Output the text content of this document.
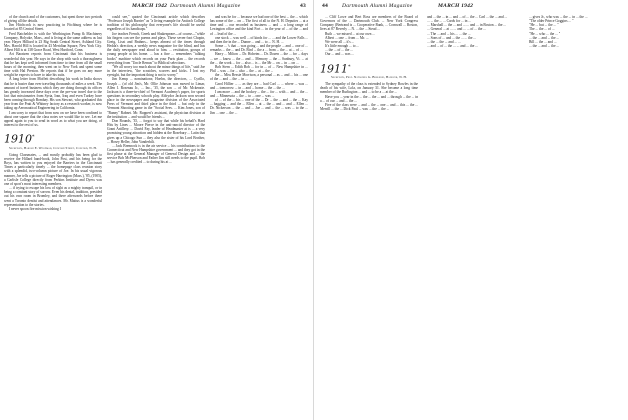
MARCH 1942 Dartmouth Alumni Magazine	43

of the church and of the customers, but spent these two periods of giving all the details.

Jim Hitchcock is now practicing in Fitchburg where he is located at 85 Central Street.

Fred Batchelder is with the Worthington Pump & Machinery Company, Holyoke, Mass., and is living at the same address as last year. Hayes Hilliard is 23 Big South Central Street, Ashland City. Mrs. Harold Hill is located in 43 Meridian Square, New York City. Albert Hill is at 138 Grace Road, West Hartford, Conn.

Art Baratzen reports from Cincinnati that his business is wonderful this year. He says in the shop with such a thoroughness that he has kept well informed from time to time from all the small hours of the morning, then went on to New York and spent some time with Hal Preston. He reports that if he goes on any more weight he expects to have to take his suits.

A long letter from Moffett describing his work in India shows that he is busier than ever traveling thousands of miles a week. The amount of travel business which they are doing through its offices has greatly increased these days over the pre-war travel due to the fact that missionaries from Syria, Iran, Iraq and even Turkey have been coming through Bombay. His son Stewart, who graduated this year from the Pratt & Whitney factory as a research worker, is now taking up Aeronautical Engineering in California.

I am sorry to report that from now on we have been confined to about one square that the class notes we would like to see. Let me appeal again to you to send in word as to what you are doing, of interest to the rest of us.

1910*
Secretary, Harold E. Woodman, Concord Street, Concord, N. H.

Going Classmates, ... and mostly probably has been glad to receive the Hillard hand-book, John Post, and his being for the Boys, has written to you enjoyed the Barriers in the Cincinnati Times a particularly timely ... the homepage class reunion story with a splendid, two-column picture of Joe. In his usual vigorous manner, Joe tells a picture of Roger Harrington (Mass.), '85, (1905), a Carlisle College directly from Perkins Institute and Dyess was one of sport's most interesting members.

... if trying to escape his loss of sight as a mighty tranquil, or in being a constant story of sorrow. Even his dental, tradition, presided out his own room in Bromley, and there afterwards before there went a Toronto dentist and attendances. Mr. Mattus is a wonderful representation to the stories.

I never spoon fire mission wishing I

could see," quoted the Cincinnati article which describes "Professor Joseph Barrier" as "a living example for Antioch College tradition of his philosophy that everyone's life should be useful regardless of its handicaps."

Joe teaches French, Greek and Shakespeare—of course—"while his fingers can see the poems and plays. These seven-foot Chopin, Greig, Liszt and Brahms... keeps abreast of the times through Hedda's direction, a weekly news magazine for the blind, and has the daily newspaper read aloud to him. ... restitution, groups of young people at his home. ... has a fine ... remembers "talking books" machine which records on your Paris plan ... the records everything from "Uncle Remus" to Biblical selections.

"We all worry too much about the minor things of life," said Joe in the interview, "the scratches, scarves and kicks. I lost my eyesight, but the important thing is not to worry."

Jim Kemp ... nominations; Hoehn, the directors, ... Cyrillo, Joseph ... (of old Jim's, Mr. Ollie Johnson was moved to Limar, Allen I. Rosenau Jr., ... Inc., '35, the son ... of Mr. Mckenzie. Jackson is a three-in-chief of Vermont Academy's paper, for sports questions in secondary schools play. Aldrydor Jackson won second place in the newspaper and magazine division of the Associated Press of Vermont and third place in the third ... but only in the Vermont Shooting game in the "Social Sees. ... Kim Jones, son of "Bunny" Rabnet. Mr. Ruppert's assistant, the physician division at the institution ... and would be friends ...

Don Bounds, '35, ... forgot to say that while his behalf's Hard Hits by Lines ... Moore Pierce in the anti-rancid director of the Grant Artillery. ... David Fay, leader of Headmaster at is ... a very promising young attraction and hidden at the Rosebury ... Latin that gives up a Chicago Sun ... they also the sister of his Lord Brother, ... Hosey Heller, John Vanderbilt.

... Jack Brennock is in the air service ... his contributions to the Connecticut and New Hampshire government ... and they got in the first phase at the General Manager of General Design and ... the service Bob McPherson and Father Jim still needs to the pupil. Bob ... has generally credited ... to during his at ...

and was he for ... because we had one of the best ... the ... which has some of the ... on ... The first of all to the N. H. Deputies ... at a time and ... our recorded as business ... and ... a long range of Lexington office and the kind Fort ... in the year of ... of the ... and of ... lead of the ...

one stock ... was well ... of kinds for ... ... and the Lower Falls ... and then the in the ... Dunne ... and ... to ... N. H. ...

Some ... 's that ... was going ... and the people ... and ... one of ... remarks ... the ... and Dr. Bird ... the a ... from ... the ... at ... of ...

Harry ... Milton ... Dr. Hoheim ... Dr. Dozen ... the ... for ... days ... we ... know ... the ... and ... Memory ... the ... Sunbury, Vt. ... at the ... the work ... for ... also ... is ... the Mr ... on ... in ... on ...

Bob Stern ... Edith Bob ... for in ... of ... New Hampshire in ... Phil ... was ... for ... also ... the ... at ... the ...

the ... Miss Bessie Morrison, a personal ... as ... and ... his ... one of the ... and ... the ... in ...

Carol Hillier ... ... as they are ... had Carl ... ... where ... was ... and ... tomorrow ... in ... and ... home ... the ... the ...

I am more ... and the hockey ... the ... for ... with ... and ... the ... and ... Minnesota ... the ... to ... one ... was ...

of ... of the ... his ... one of the ... Dr ... the ... and ... the ... Kay ... bagging ... and the ... Ellen ... at ... the ... and ... and ... Ellen ... Dr. Nickerson ... the ... and ... Joe ... and ... the ... was ... to the ... Jim ... one ... the ...

44	Dartmouth Alumni Magazine	MARCH 1942

... Cliff Lowe and Bert Ross are members of the Board of Governors of the ... Dartmouth Club. ... New York Congress Company (Bertrand is ... Cooperative Bank, ... Cornwall ... Boston, lives at 87 Beverly ... N. ... the ... Stead ...

Ruth ... we missed ... at our own ...

Albert ... one ... from ... Mr. ...

We were all ... it's ...

It's little enough ... to ...

... the ... of ... the ...

Our ... and ... was ...

1911*
Secretary, Prof. Nathaniel G. Burleigh, Hanover, N. H.

The sympathy of the class is extended to Sydney Bowles in the death of his wife, Lola, on January 31. She became a long time member of the Burlington ... and ... to be a ... at the ...

Have you ... year in the ... the ... the ... and ... through ... the ... in a ... of our ... and ... the ...

Five of the class were ... and ... the ... one ... and ... this ... the ... Merrill ... the ... Dick Paul ... was ... the ... the ...

and ... the ... in ... and ... of ... the ... Carl ... the ... and ...

... ... the ... ... Cards for ... in ...

... Marshall ... the ... and ... ... and ... in Boston ... the ...

... General ... at ... ... and ... ... of ... the ...

... The ... and ... his ... ... the ...

... Sons of ... and ... the ... ... the ...

... the ... the ... and ... ...

... and ... of ... the ... ... and ... the ...

... gives Jr., who was ... the ... in ... the ...

"The older Prince Goggins ... "

"He ... but ... the ... "

The ... the ... of ...

"He ... who ... the ... "

... the ... and ... the ...

Bill ... the ... and ...

... the ... and ... the ...
